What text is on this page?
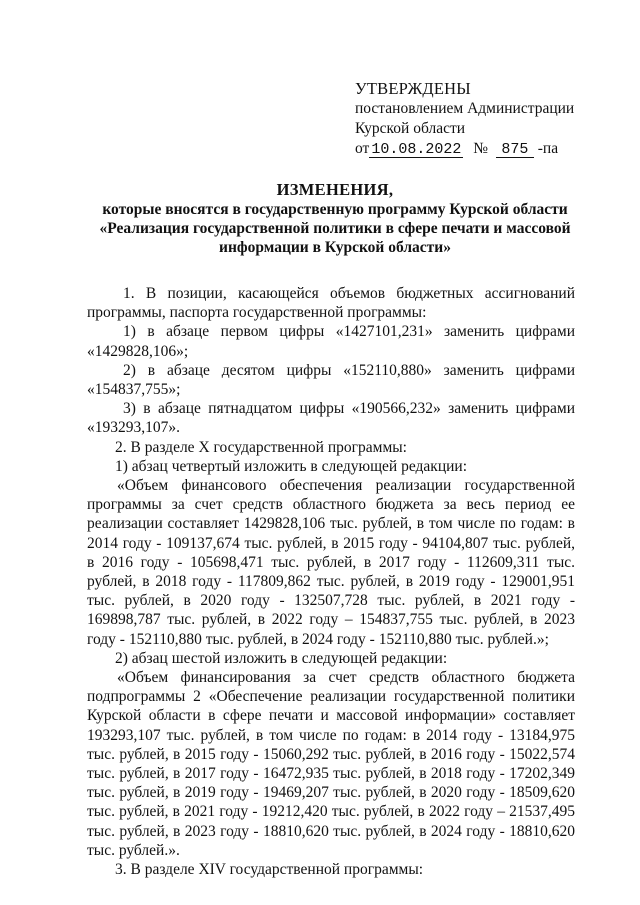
УТВЕРЖДЕНЫ
постановлением Администрации
Курской области
от 10.08.2022 № 875 -па
ИЗМЕНЕНИЯ,
которые вносятся в государственную программу Курской области
«Реализация государственной политики в сфере печати и массовой
информации в Курской области»

1. В позиции, касающейся объемов бюджетных ассигнований программы, паспорта государственной программы:

1) в абзаце первом цифры «1427101,231» заменить цифрами «1429828,106»;

2) в абзаце десятом цифры «152110,880» заменить цифрами «154837,755»;

3) в абзаце пятнадцатом цифры «190566,232» заменить цифрами «193293,107».

2. В разделе X государственной программы:

1) абзац четвертый изложить в следующей редакции:

«Объем финансового обеспечения реализации государственной программы за счет средств областного бюджета за весь период ее реализации составляет 1429828,106 тыс. рублей, в том числе по годам: в 2014 году - 109137,674 тыс. рублей, в 2015 году - 94104,807 тыс. рублей, в 2016 году - 105698,471 тыс. рублей, в 2017 году - 112609,311 тыс. рублей, в 2018 году - 117809,862 тыс. рублей, в 2019 году - 129001,951 тыс. рублей, в 2020 году - 132507,728 тыс. рублей, в 2021 году - 169898,787 тыс. рублей, в 2022 году – 154837,755 тыс. рублей, в 2023 году - 152110,880 тыс. рублей, в 2024 году - 152110,880 тыс. рублей.»;

2) абзац шестой изложить в следующей редакции:

«Объем финансирования за счет средств областного бюджета подпрограммы 2 «Обеспечение реализации государственной политики Курской области в сфере печати и массовой информации» составляет 193293,107 тыс. рублей, в том числе по годам: в 2014 году - 13184,975 тыс. рублей, в 2015 году - 15060,292 тыс. рублей, в 2016 году - 15022,574 тыс. рублей, в 2017 году - 16472,935 тыс. рублей, в 2018 году - 17202,349 тыс. рублей, в 2019 году - 19469,207 тыс. рублей, в 2020 году - 18509,620 тыс. рублей, в 2021 году - 19212,420 тыс. рублей, в 2022 году – 21537,495 тыс. рублей, в 2023 году - 18810,620 тыс. рублей, в 2024 году - 18810,620 тыс. рублей.».

3. В разделе XIV государственной программы:
